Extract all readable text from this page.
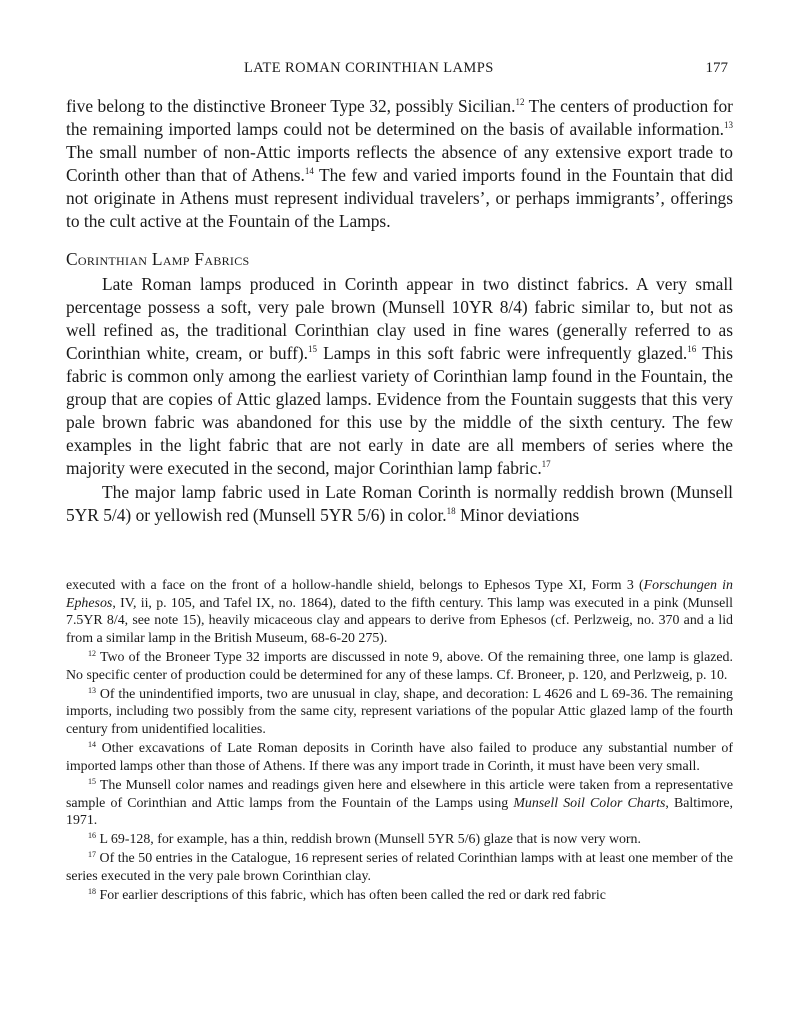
LATE ROMAN CORINTHIAN LAMPS	177

five belong to the distinctive Broneer Type 32, possibly Sicilian.$^{12}$ The centers of production for the remaining imported lamps could not be determined on the basis of available information.$^{13}$ The small number of non-Attic imports reflects the absence of any extensive export trade to Corinth other than that of Athens.$^{14}$ The few and varied imports found in the Fountain that did not originate in Athens must represent individual travelers’, or perhaps immigrants’, offerings to the cult active at the Fountain of the Lamps.

Corinthian Lamp Fabrics

Late Roman lamps produced in Corinth appear in two distinct fabrics. A very small percentage possess a soft, very pale brown (Munsell 10YR 8/4) fabric similar to, but not as well refined as, the traditional Corinthian clay used in fine wares (generally referred to as Corinthian white, cream, or buff).$^{15}$ Lamps in this soft fabric were infrequently glazed.$^{16}$ This fabric is common only among the earliest variety of Corinthian lamp found in the Fountain, the group that are copies of Attic glazed lamps. Evidence from the Fountain suggests that this very pale brown fabric was abandoned for this use by the middle of the sixth century. The few examples in the light fabric that are not early in date are all members of series where the majority were executed in the second, major Corinthian lamp fabric.$^{17}$

The major lamp fabric used in Late Roman Corinth is normally reddish brown (Munsell 5YR 5/4) or yellowish red (Munsell 5YR 5/6) in color.$^{18}$ Minor deviations

executed with a face on the front of a hollow-handle shield, belongs to Ephesos Type XI, Form 3 (Forschungen in Ephesos, IV, ii, p. 105, and Tafel IX, no. 1864), dated to the fifth century. This lamp was executed in a pink (Munsell 7.5YR 8/4, see note 15), heavily micaceous clay and appears to derive from Ephesos (cf. Perlzweig, no. 370 and a lid from a similar lamp in the British Museum, 68-6-20 275).

$^{12}$ Two of the Broneer Type 32 imports are discussed in note 9, above. Of the remaining three, one lamp is glazed. No specific center of production could be determined for any of these lamps. Cf. Broneer, p. 120, and Perlzweig, p. 10.

$^{13}$ Of the unindentified imports, two are unusual in clay, shape, and decoration: L 4626 and L 69-36. The remaining imports, including two possibly from the same city, represent variations of the popular Attic glazed lamp of the fourth century from unidentified localities.

$^{14}$ Other excavations of Late Roman deposits in Corinth have also failed to produce any substantial number of imported lamps other than those of Athens. If there was any import trade in Corinth, it must have been very small.

$^{15}$ The Munsell color names and readings given here and elsewhere in this article were taken from a representative sample of Corinthian and Attic lamps from the Fountain of the Lamps using Munsell Soil Color Charts, Baltimore, 1971.

$^{16}$ L 69-128, for example, has a thin, reddish brown (Munsell 5YR 5/6) glaze that is now very worn.

$^{17}$ Of the 50 entries in the Catalogue, 16 represent series of related Corinthian lamps with at least one member of the series executed in the very pale brown Corinthian clay.

$^{18}$ For earlier descriptions of this fabric, which has often been called the red or dark red fabric
